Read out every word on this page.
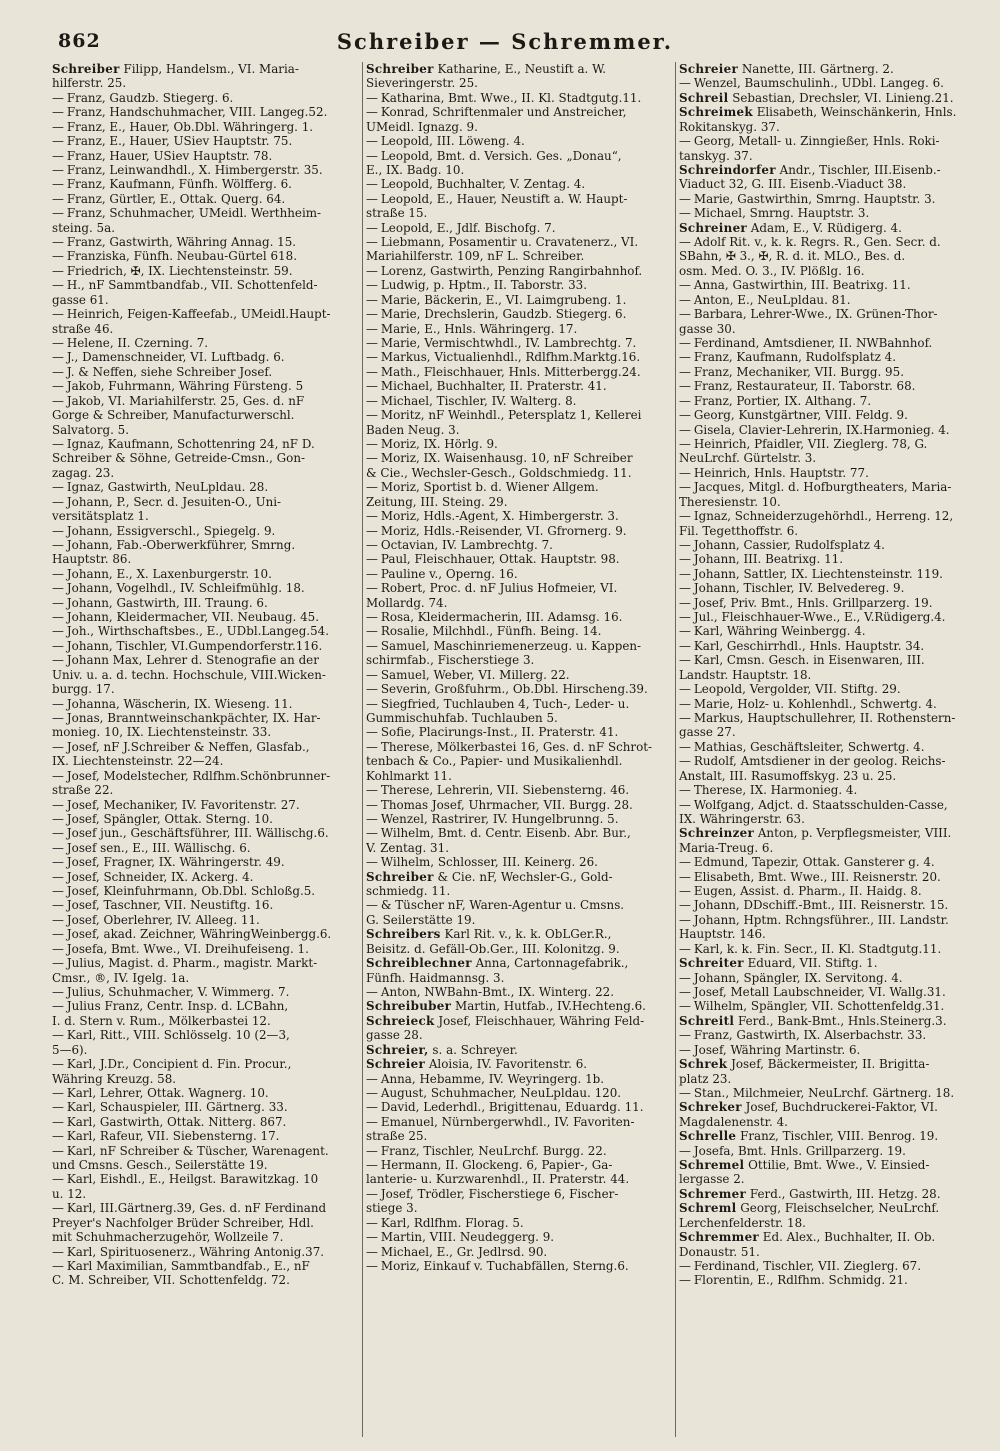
862	Schreiber — Schremmer.
Schreiber Filipp, Handelsm., VI. Maria-
hilferstr. 25.
— Franz, Gaudzb. Stiegerg. 6.
— Franz, Handschuhmacher, VIII. Langeg.52.
— Franz, E., Hauer, Ob.Dbl. Währingerg. 1.
— Franz, E., Hauer, USiev Hauptstr. 75.
— Franz, Hauer, USiev Hauptstr. 78.
— Franz, Leinwandhdl., X. Himbergerstr. 35.
— Franz, Kaufmann, Fünfh. Wölfferg. 6.
— Franz, Gürtler, E., Ottak. Querg. 64.
— Franz, Schuhmacher, UMeidl. Werthheim-
steing. 5a.
— Franz, Gastwirth, Währing Annag. 15.
— Franziska, Fünfh. Neubau-Gürtel 618.
— Friedrich, ✠, IX. Liechtensteinstr. 59.
— H., nF Sammtbandfab., VII. Schottenfeld-
gasse 61.
— Heinrich, Feigen-Kaffeefab., UMeidl.Haupt-
straße 46.
— Helene, II. Czerning. 7.
— J., Damenschneider, VI. Luftbadg. 6.
— J. & Neffen, siehe Schreiber Josef.
— Jakob, Fuhrmann, Währing Fürsteng. 5
— Jakob, VI. Mariahilferstr. 25, Ges. d. nF
Gorge & Schreiber, Manufacturwerschl.
Salvatorg. 5.
— Ignaz, Kaufmann, Schottenring 24, nF D.
Schreiber & Söhne, Getreide-Cmsn., Gon-
zagag. 23.
— Ignaz, Gastwirth, NeuLpldau. 28.
— Johann, P., Secr. d. Jesuiten-O., Uni-
versitätsplatz 1.
— Johann, Essigverschl., Spiegelg. 9.
— Johann, Fab.-Oberwerkführer, Smrng.
Hauptstr. 86.
— Johann, E., X. Laxenburgerstr. 10.
— Johann, Vogelhdl., IV. Schleifmühlg. 18.
— Johann, Gastwirth, III. Traung. 6.
— Johann, Kleidermacher, VII. Neubaug. 45.
— Joh., Wirthschaftsbes., E., UDbl.Langeg.54.
— Johann, Tischler, VI.Gumpendorferstr.116.
— Johann Max, Lehrer d. Stenografie an der
Univ. u. a. d. techn. Hochschule, VIII.Wicken-
burgg. 17.
— Johanna, Wäscherin, IX. Wieseng. 11.
— Jonas, Branntweinschankpächter, IX. Har-
monieg. 10, IX. Liechtensteinstr. 33.
— Josef, nF J.Schreiber & Neffen, Glasfab.,
IX. Liechtensteinstr. 22—24.
— Josef, Modelstecher, Rdlfhm.Schönbrunner-
straße 22.
— Josef, Mechaniker, IV. Favoritenstr. 27.
— Josef, Spängler, Ottak. Sterng. 10.
— Josef jun., Geschäftsführer, III. Wällischg.6.
— Josef sen., E., III. Wällischg. 6.
— Josef, Fragner, IX. Währingerstr. 49.
— Josef, Schneider, IX. Ackerg. 4.
— Josef, Kleinfuhrmann, Ob.Dbl. Schloßg.5.
— Josef, Taschner, VII. Neustiftg. 16.
— Josef, Oberlehrer, IV. Alleeg. 11.
— Josef, akad. Zeichner, WähringWeinbergg.6.
— Josefa, Bmt. Wwe., VI. Dreihufeiseng. 1.
— Julius, Magist. d. Pharm., magistr. Markt-
Cmsr., ®, IV. Igelg. 1a.
— Julius, Schuhmacher, V. Wimmerg. 7.
— Julius Franz, Centr. Insp. d. LCBahn,
I. d. Stern v. Rum., Mölkerbastei 12.
— Karl, Ritt., VIII. Schlösselg. 10 (2—3,
5—6).
— Karl, J.Dr., Concipient d. Fin. Procur.,
Währing Kreuzg. 58.
— Karl, Lehrer, Ottak. Wagnerg. 10.
— Karl, Schauspieler, III. Gärtnerg. 33.
— Karl, Gastwirth, Ottak. Nitterg. 867.
— Karl, Rafeur, VII. Siebensterng. 17.
— Karl, nF Schreiber & Tüscher, Warenagent.
und Cmsns. Gesch., Seilerstätte 19.
— Karl, Eishdl., E., Heilgst. Barawitzkag. 10
u. 12.
— Karl, III.Gärtnerg.39, Ges. d. nF Ferdinand
Preyer's Nachfolger Brüder Schreiber, Hdl.
mit Schuhmacherzugehör, Wollzeile 7.
— Karl, Spirituosenerz., Währing Antonig.37.
— Karl Maximilian, Sammtbandfab., E., nF
C. M. Schreiber, VII. Schottenfeldg. 72.
Schreiber Katharine, E., Neustift a. W.
Sieveringerstr. 25.
— Katharina, Bmt. Wwe., II. Kl. Stadtgutg.11.
— Konrad, Schriftenmaler und Anstreicher,
UMeidl. Ignazg. 9.
— Leopold, III. Löweng. 4.
— Leopold, Bmt. d. Versich. Ges. „Donau“,
E., IX. Badg. 10.
— Leopold, Buchhalter, V. Zentag. 4.
— Leopold, E., Hauer, Neustift a. W. Haupt-
straße 15.
— Leopold, E., Jdlf. Bischofg. 7.
— Liebmann, Posamentir u. Cravatenerz., VI.
Mariahilferstr. 109, nF L. Schreiber.
— Lorenz, Gastwirth, Penzing Rangirbahnhof.
— Ludwig, p. Hptm., II. Taborstr. 33.
— Marie, Bäckerin, E., VI. Laimgrubeng. 1.
— Marie, Drechslerin, Gaudzb. Stiegerg. 6.
— Marie, E., Hnls. Währingerg. 17.
— Marie, Vermischtwhdl., IV. Lambrechtg. 7.
— Markus, Victualienhdl., Rdlfhm.Marktg.16.
— Math., Fleischhauer, Hnls. Mitterbergg.24.
— Michael, Buchhalter, II. Praterstr. 41.
— Michael, Tischler, IV. Walterg. 8.
— Moritz, nF Weinhdl., Petersplatz 1, Kellerei
Baden Neug. 3.
— Moriz, IX. Hörlg. 9.
— Moriz, IX. Waisenhausg. 10, nF Schreiber
& Cie., Wechsler-Gesch., Goldschmiedg. 11.
— Moriz, Sportist b. d. Wiener Allgem.
Zeitung, III. Steing. 29.
— Moriz, Hdls.-Agent, X. Himbergerstr. 3.
— Moriz, Hdls.-Reisender, VI. Gfrornerg. 9.
— Octavian, IV. Lambrechtg. 7.
— Paul, Fleischhauer, Ottak. Hauptstr. 98.
— Pauline v., Operng. 16.
— Robert, Proc. d. nF Julius Hofmeier, VI.
Mollardg. 74.
— Rosa, Kleidermacherin, III. Adamsg. 16.
— Rosalie, Milchhdl., Fünfh. Being. 14.
— Samuel, Maschinriemenerzeug. u. Kappen-
schirmfab., Fischerstiege 3.
— Samuel, Weber, VI. Millerg. 22.
— Severin, Großfuhrm., Ob.Dbl. Hirscheng.39.
— Siegfried, Tuchlauben 4, Tuch-, Leder- u.
Gummischuhfab. Tuchlauben 5.
— Sofie, Placirungs-Inst., II. Praterstr. 41.
— Therese, Mölkerbastei 16, Ges. d. nF Schrot-
tenbach & Co., Papier- und Musikalienhdl.
Kohlmarkt 11.
— Therese, Lehrerin, VII. Siebensterng. 46.
— Thomas Josef, Uhrmacher, VII. Burgg. 28.
— Wenzel, Rastrirer, IV. Hungelbrunng. 5.
— Wilhelm, Bmt. d. Centr. Eisenb. Abr. Bur.,
V. Zentag. 31.
— Wilhelm, Schlosser, III. Keinerg. 26.
Schreiber & Cie. nF, Wechsler-G., Gold-
schmiedg. 11.
— & Tüscher nF, Waren-Agentur u. Cmsns.
G. Seilerstätte 19.
Schreibers Karl Rit. v., k. k. ObLGer.R.,
Beisitz. d. Gefäll-Ob.Ger., III. Kolonitzg. 9.
Schreiblechner Anna, Cartonnagefabrik.,
Fünfh. Haidmannsg. 3.
— Anton, NWBahn-Bmt., IX. Winterg. 22.
Schreibuber Martin, Hutfab., IV.Hechteng.6.
Schreieck Josef, Fleischhauer, Währing Feld-
gasse 28.
Schreier, s. a. Schreyer.
Schreier Aloisia, IV. Favoritenstr. 6.
— Anna, Hebamme, IV. Weyringerg. 1b.
— August, Schuhmacher, NeuLpldau. 120.
— David, Lederhdl., Brigittenau, Eduardg. 11.
— Emanuel, Nürnbergerwhdl., IV. Favoriten-
straße 25.
— Franz, Tischler, NeuLrchf. Burgg. 22.
— Hermann, II. Glockeng. 6, Papier-, Ga-
lanterie- u. Kurzwarenhdl., II. Praterstr. 44.
— Josef, Trödler, Fischerstiege 6, Fischer-
stiege 3.
— Karl, Rdlfhm. Florag. 5.
— Martin, VIII. Neudeggerg. 9.
— Michael, E., Gr. Jedlrsd. 90.
— Moriz, Einkauf v. Tuchabfällen, Sterng.6.
Schreier Nanette, III. Gärtnerg. 2.
— Wenzel, Baumschulinh., UDbl. Langeg. 6.
Schreil Sebastian, Drechsler, VI. Linieng.21.
Schreimek Elisabeth, Weinschänkerin, Hnls.
Rokitanskyg. 37.
— Georg, Metall- u. Zinngießer, Hnls. Roki-
tanskyg. 37.
Schreindorfer Andr., Tischler, III.Eisenb.-
Viaduct 32, G. III. Eisenb.-Viaduct 38.
— Marie, Gastwirthin, Smrng. Hauptstr. 3.
— Michael, Smrng. Hauptstr. 3.
Schreiner Adam, E., V. Rüdigerg. 4.
— Adolf Rit. v., k. k. Regrs. R., Gen. Secr. d.
SBahn, ✠ 3., ✠, R. d. it. MLO., Bes. d.
osm. Med. O. 3., IV. Plößlg. 16.
— Anna, Gastwirthin, III. Beatrixg. 11.
— Anton, E., NeuLpldau. 81.
— Barbara, Lehrer-Wwe., IX. Grünen-Thor-
gasse 30.
— Ferdinand, Amtsdiener, II. NWBahnhof.
— Franz, Kaufmann, Rudolfsplatz 4.
— Franz, Mechaniker, VII. Burgg. 95.
— Franz, Restaurateur, II. Taborstr. 68.
— Franz, Portier, IX. Althang. 7.
— Georg, Kunstgärtner, VIII. Feldg. 9.
— Gisela, Clavier-Lehrerin, IX.Harmonieg. 4.
— Heinrich, Pfaidler, VII. Zieglerg. 78, G.
NeuLrchf. Gürtelstr. 3.
— Heinrich, Hnls. Hauptstr. 77.
— Jacques, Mitgl. d. Hofburgtheaters, Maria-
Theresienstr. 10.
— Ignaz, Schneiderzugehörhdl., Herreng. 12,
Fil. Tegetthoffstr. 6.
— Johann, Cassier, Rudolfsplatz 4.
— Johann, III. Beatrixg. 11.
— Johann, Sattler, IX. Liechtensteinstr. 119.
— Johann, Tischler, IV. Belvedereg. 9.
— Josef, Priv. Bmt., Hnls. Grillparzerg. 19.
— Jul., Fleischhauer-Wwe., E., V.Rüdigerg.4.
— Karl, Währing Weinbergg. 4.
— Karl, Geschirrhdl., Hnls. Hauptstr. 34.
— Karl, Cmsn. Gesch. in Eisenwaren, III.
Landstr. Hauptstr. 18.
— Leopold, Vergolder, VII. Stiftg. 29.
— Marie, Holz- u. Kohlenhdl., Schwertg. 4.
— Markus, Hauptschullehrer, II. Rothenstern-
gasse 27.
— Mathias, Geschäftsleiter, Schwertg. 4.
— Rudolf, Amtsdiener in der geolog. Reichs-
Anstalt, III. Rasumoffskyg. 23 u. 25.
— Therese, IX. Harmonieg. 4.
— Wolfgang, Adjct. d. Staatsschulden-Casse,
IX. Währingerstr. 63.
Schreinzer Anton, p. Verpflegsmeister, VIII.
Maria-Treug. 6.
— Edmund, Tapezir, Ottak. Gansterer g. 4.
— Elisabeth, Bmt. Wwe., III. Reisnerstr. 20.
— Eugen, Assist. d. Pharm., II. Haidg. 8.
— Johann, DDschiff.-Bmt., III. Reisnerstr. 15.
— Johann, Hptm. Rchngsführer., III. Landstr.
Hauptstr. 146.
— Karl, k. k. Fin. Secr., II. Kl. Stadtgutg.11.
Schreiter Eduard, VII. Stiftg. 1.
— Johann, Spängler, IX. Servitong. 4.
— Josef, Metall Laubschneider, VI. Wallg.31.
— Wilhelm, Spängler, VII. Schottenfeldg.31.
Schreitl Ferd., Bank-Bmt., Hnls.Steinerg.3.
— Franz, Gastwirth, IX. Alserbachstr. 33.
— Josef, Währing Martinstr. 6.
Schrek Josef, Bäckermeister, II. Brigitta-
platz 23.
— Stan., Milchmeier, NeuLrchf. Gärtnerg. 18.
Schreker Josef, Buchdruckerei-Faktor, VI.
Magdalenenstr. 4.
Schrelle Franz, Tischler, VIII. Benrog. 19.
— Josefa, Bmt. Hnls. Grillparzerg. 19.
Schremel Ottilie, Bmt. Wwe., V. Einsied-
lergasse 2.
Schremer Ferd., Gastwirth, III. Hetzg. 28.
Schreml Georg, Fleischselcher, NeuLrchf.
Lerchenfelderstr. 18.
Schremmer Ed. Alex., Buchhalter, II. Ob.
Donaustr. 51.
— Ferdinand, Tischler, VII. Zieglerg. 67.
— Florentin, E., Rdlfhm. Schmidg. 21.
